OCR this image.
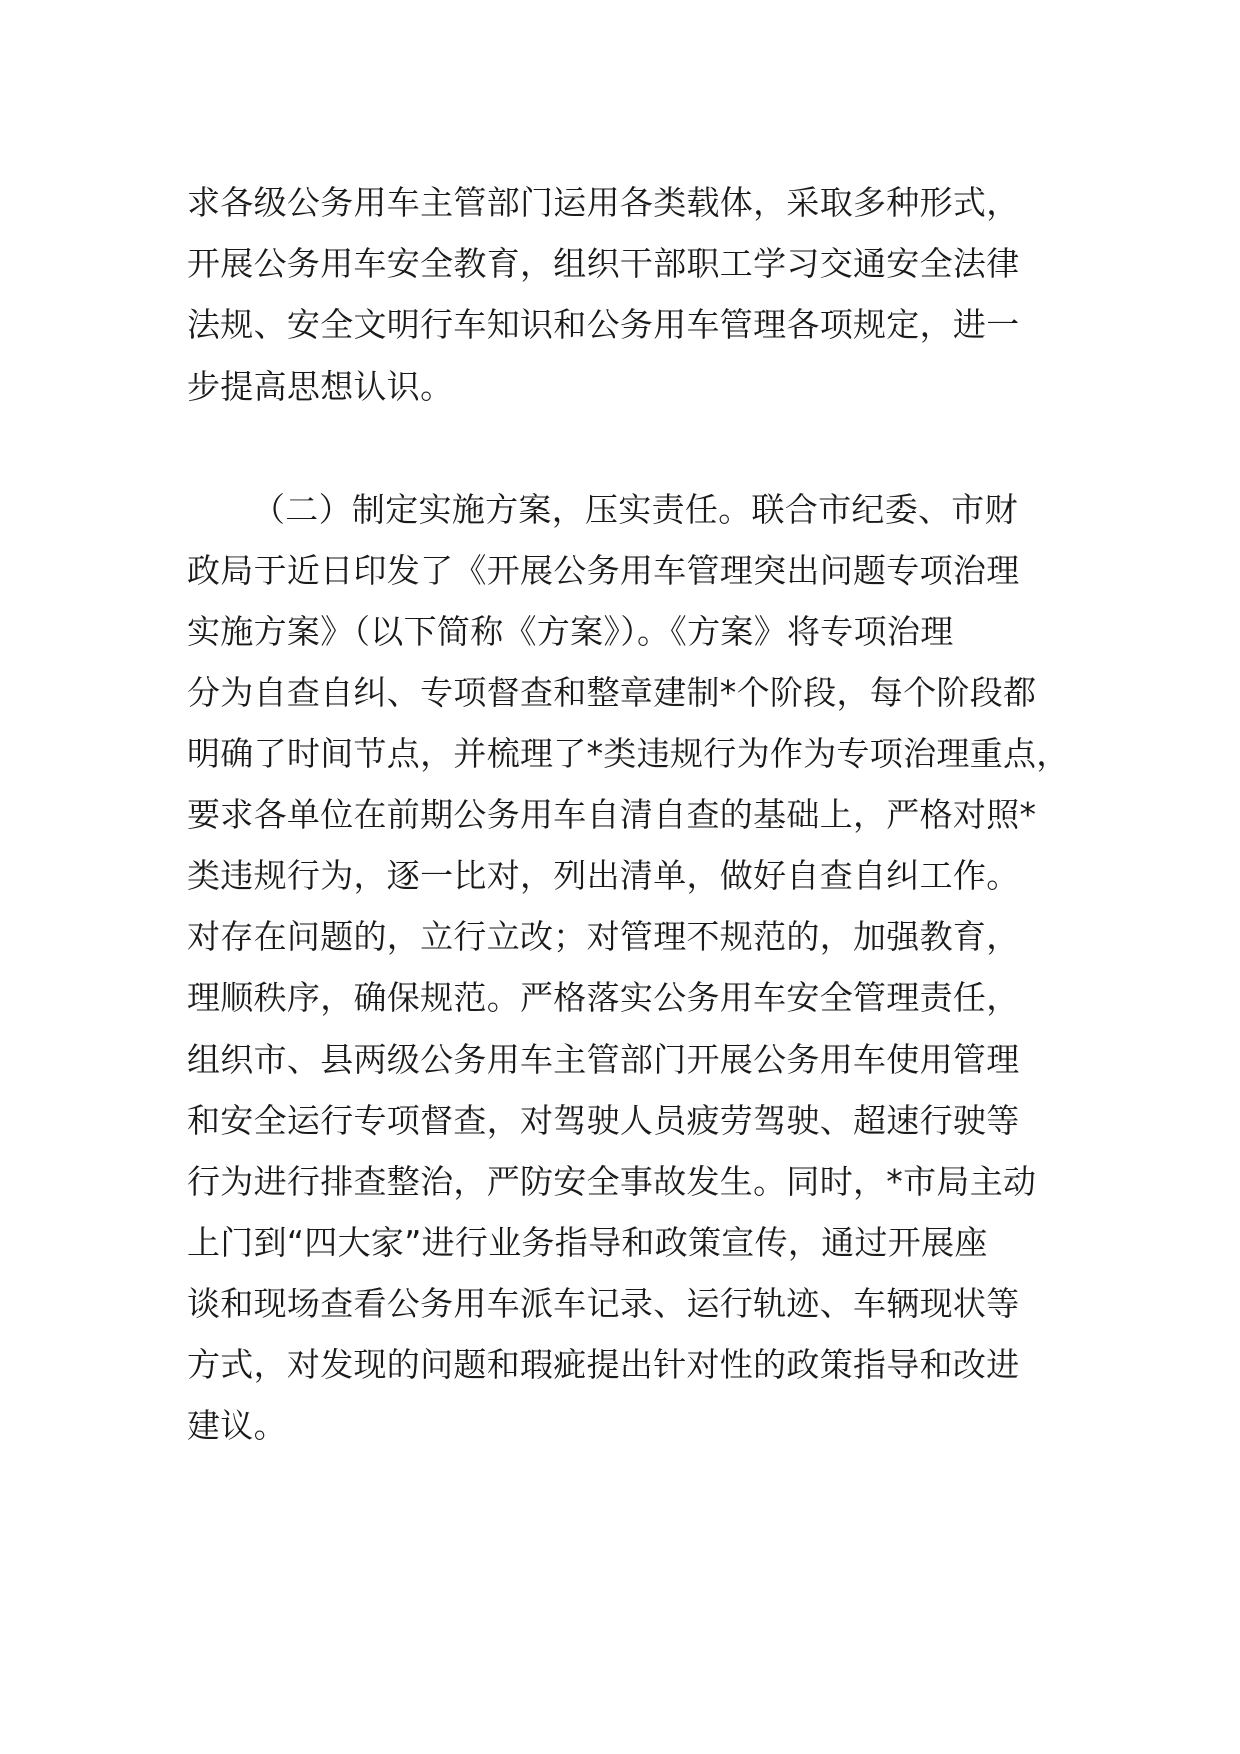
求各级公务用车主管部门运用各类载体，采取多种形式，
开展公务用车安全教育，组织干部职工学习交通安全法律
法规、安全文明行车知识和公务用车管理各项规定，进一
步提高思想认识。
（二）制定实施方案，压实责任。联合市纪委、市财
政局于近日印发了《开展公务用车管理突出问题专项治理
实施方案》（以下简称《方案》）。《方案》将专项治理
分为自查自纠、专项督查和整章建制*个阶段，每个阶段都
明确了时间节点，并梳理了*类违规行为作为专项治理重点，
要求各单位在前期公务用车自清自查的基础上，严格对照*
类违规行为，逐一比对，列出清单，做好自查自纠工作。
对存在问题的，立行立改；对管理不规范的，加强教育，
理顺秩序，确保规范。严格落实公务用车安全管理责任，
组织市、县两级公务用车主管部门开展公务用车使用管理
和安全运行专项督查，对驾驶人员疲劳驾驶、超速行驶等
行为进行排查整治，严防安全事故发生。同时，*市局主动
上门到“四大家”进行业务指导和政策宣传，通过开展座
谈和现场查看公务用车派车记录、运行轨迹、车辆现状等
方式，对发现的问题和瑕疵提出针对性的政策指导和改进
建议。
